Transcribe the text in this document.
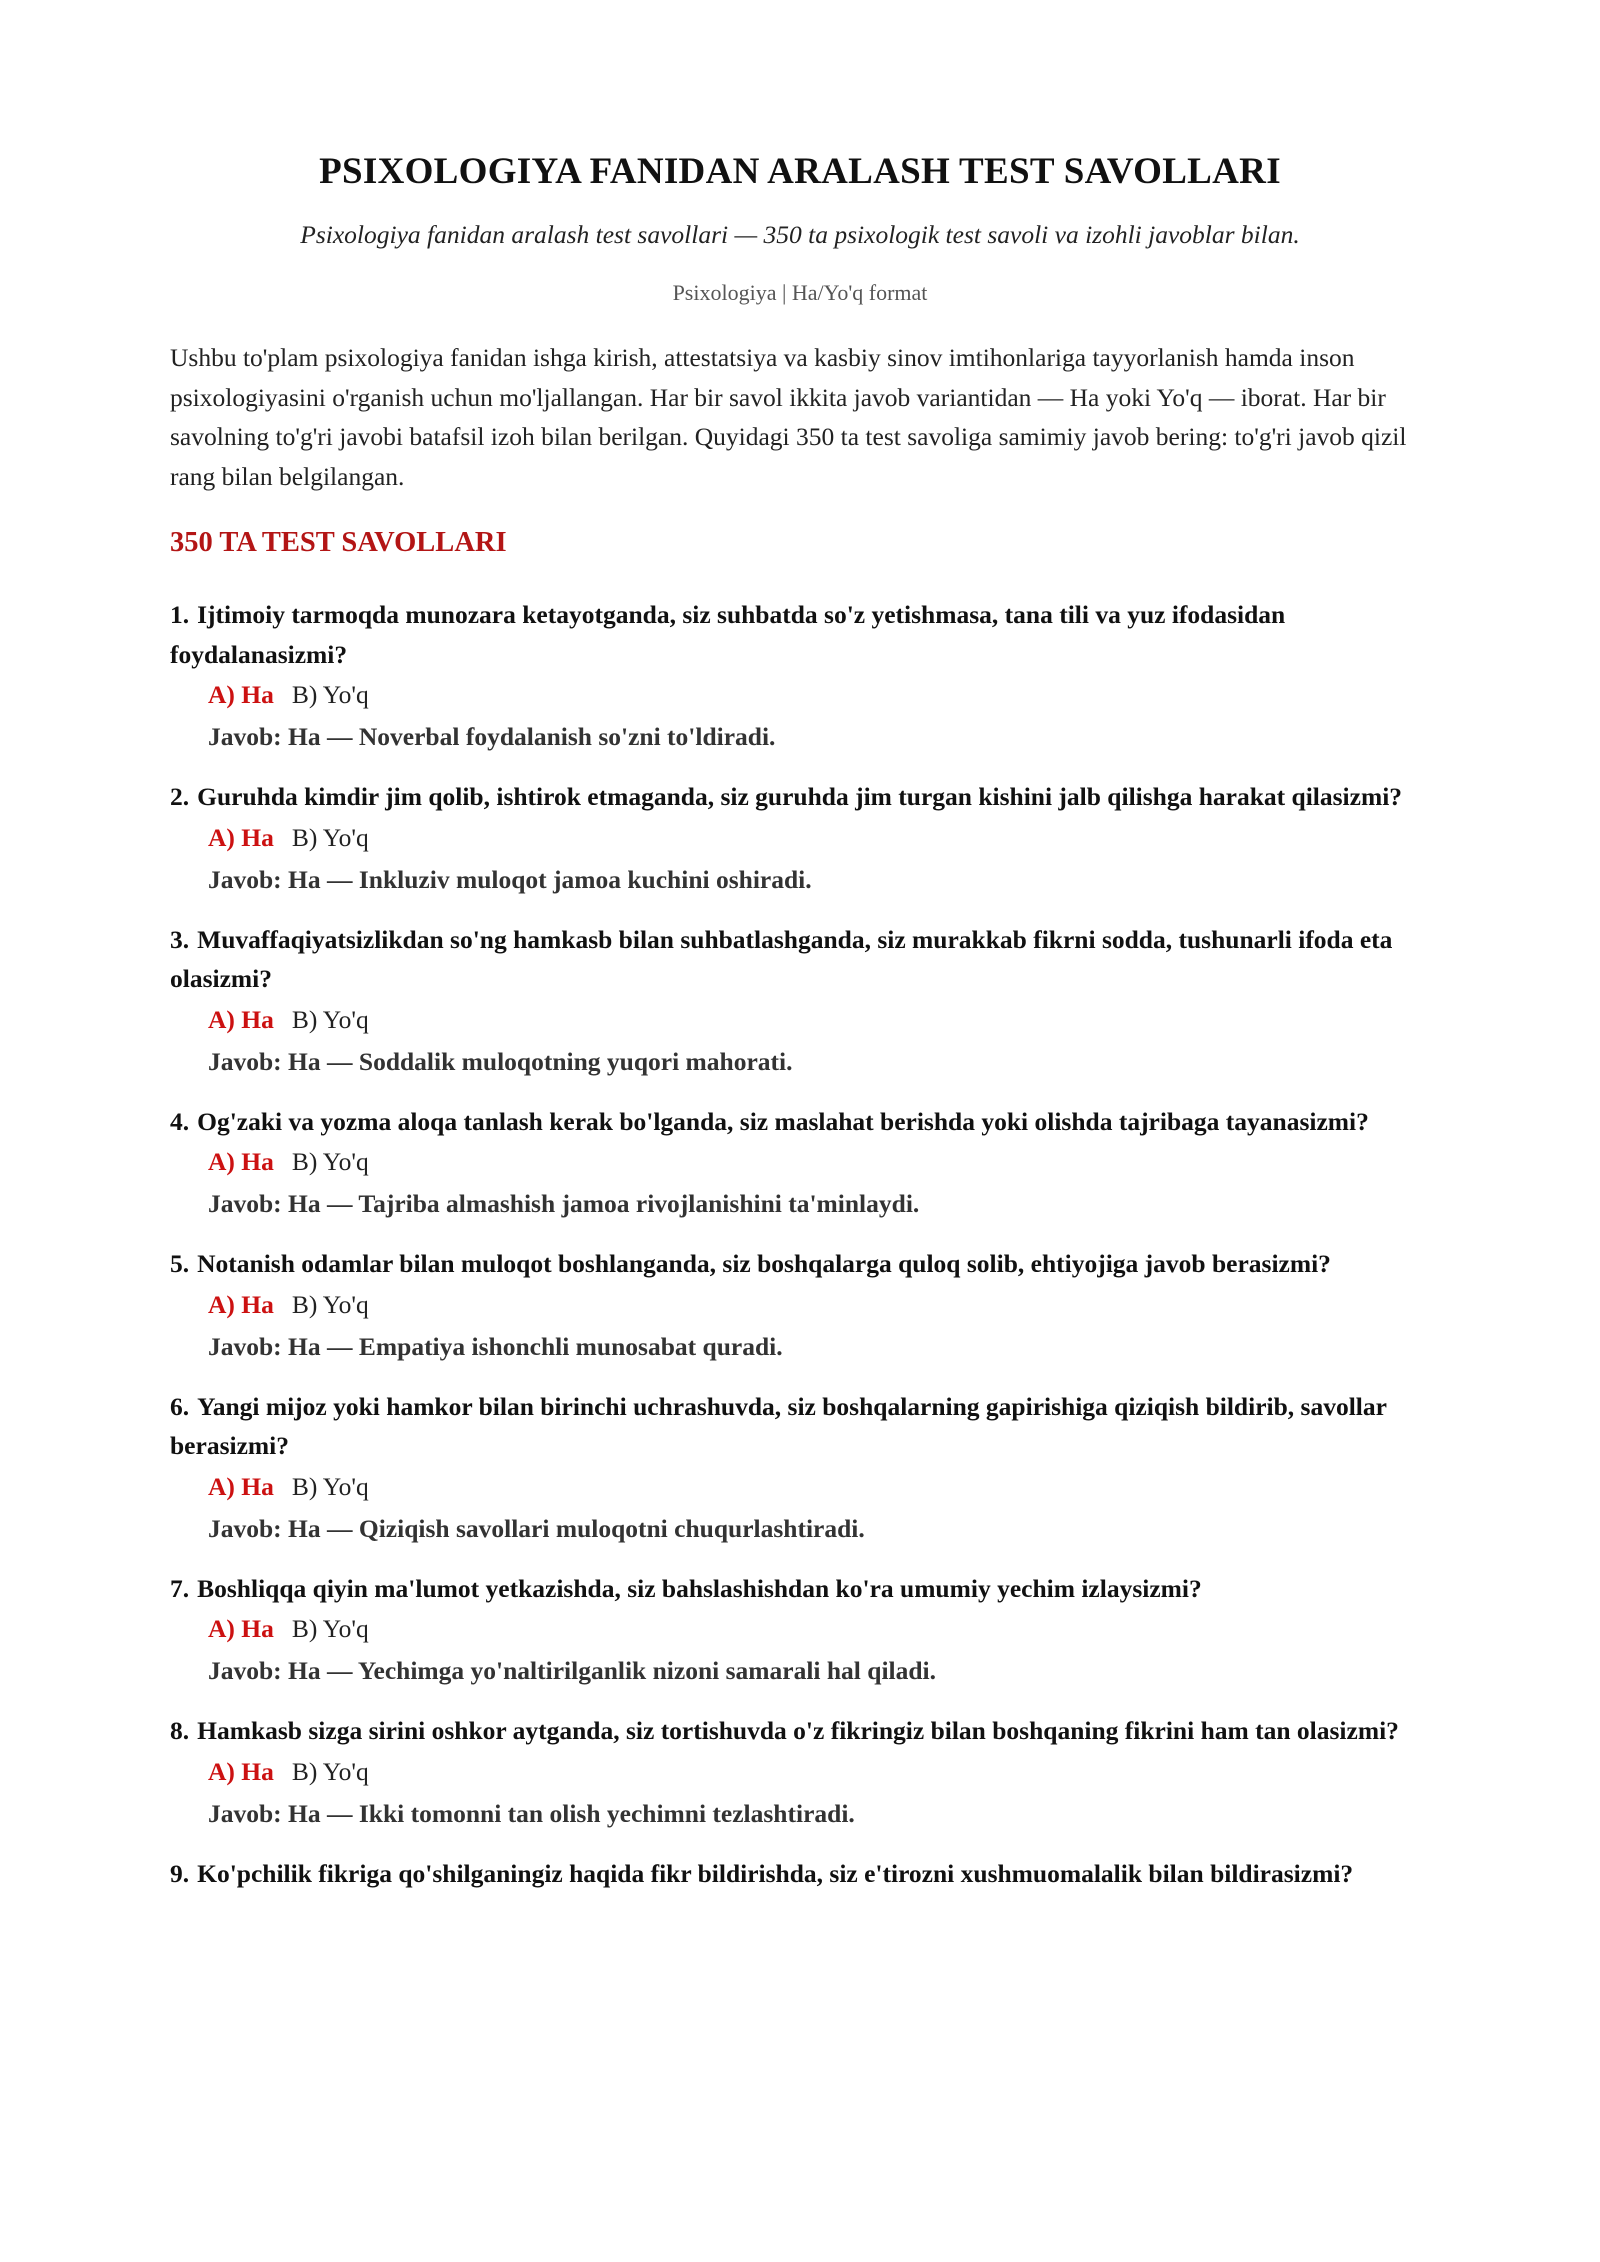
PSIXOLOGIYA FANIDAN ARALASH TEST SAVOLLARI

Psixologiya fanidan aralash test savollari — 350 ta psixologik test savoli va izohli javoblar bilan.

Psixologiya | Ha/Yo'q format

Ushbu to'plam psixologiya fanidan ishga kirish, attestatsiya va kasbiy sinov imtihonlariga tayyorlanish hamda inson psixologiyasini o'rganish uchun mo'ljallangan. Har bir savol ikkita javob variantidan — Ha yoki Yo'q — iborat. Har bir savolning to'g'ri javobi batafsil izoh bilan berilgan. Quyidagi 350 ta test savoliga samimiy javob bering: to'g'ri javob qizil rang bilan belgilangan.

350 TA TEST SAVOLLARI
1. Ijtimoiy tarmoqda munozara ketayotganda, siz suhbatda so'z yetishmasa, tana tili va yuz ifodasidan foydalanasizmi?
A) Ha B) Yo'q
Javob: Ha — Noverbal foydalanish so'zni to'ldiradi.
2. Guruhda kimdir jim qolib, ishtirok etmaganda, siz guruhda jim turgan kishini jalb qilishga harakat qilasizmi?
A) Ha B) Yo'q
Javob: Ha — Inkluziv muloqot jamoa kuchini oshiradi.
3. Muvaffaqiyatsizlikdan so'ng hamkasb bilan suhbatlashganda, siz murakkab fikrni sodda, tushunarli ifoda eta olasizmi?
A) Ha B) Yo'q
Javob: Ha — Soddalik muloqotning yuqori mahorati.
4. Og'zaki va yozma aloqa tanlash kerak bo'lganda, siz maslahat berishda yoki olishda tajribaga tayanasizmi?
A) Ha B) Yo'q
Javob: Ha — Tajriba almashish jamoa rivojlanishini ta'minlaydi.
5. Notanish odamlar bilan muloqot boshlanganda, siz boshqalarga quloq solib, ehtiyojiga javob berasizmi?
A) Ha B) Yo'q
Javob: Ha — Empatiya ishonchli munosabat quradi.
6. Yangi mijoz yoki hamkor bilan birinchi uchrashuvda, siz boshqalarning gapirishiga qiziqish bildirib, savollar berasizmi?
A) Ha B) Yo'q
Javob: Ha — Qiziqish savollari muloqotni chuqurlashtiradi.
7. Boshliqqa qiyin ma'lumot yetkazishda, siz bahslashishdan ko'ra umumiy yechim izlaysizmi?
A) Ha B) Yo'q
Javob: Ha — Yechimga yo'naltirilganlik nizoni samarali hal qiladi.
8. Hamkasb sizga sirini oshkor aytganda, siz tortishuvda o'z fikringiz bilan boshqaning fikrini ham tan olasizmi?
A) Ha B) Yo'q
Javob: Ha — Ikki tomonni tan olish yechimni tezlashtiradi.
9. Ko'pchilik fikriga qo'shilganingiz haqida fikr bildirishda, siz e'tirozni xushmuomalalik bilan bildirasizmi?
